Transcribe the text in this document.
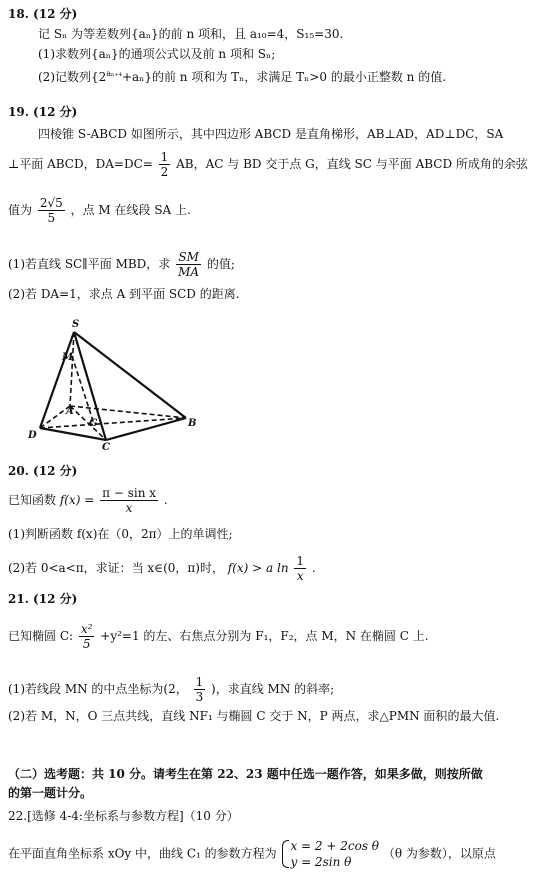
18. (12 分)
记 Sₙ 为等差数列{aₙ}的前 n 项和，且 a₁₀=4，S₁₅=30.
(1)求数列{aₙ}的通项公式以及前 n 项和 Sₙ;
(2)记数列$\{2^{a_{n+4}}+a_n\}$的前 n 项和为 Tₙ，求满足 Tₙ>0 的最小正整数 n 的值.
19. (12 分)
四棱锥 S-ABCD 如图所示，其中四边形 ABCD 是直角梯形，AB⊥AD，AD⊥DC，SA
⊥平面 ABCD，$DA=DC= \frac{1}{2}$ AB，AC 与 BD 交于点 G，直线 SC 与平面 ABCD 所成角的余弦
值为 $\frac{2√5}{5}$ ，点 M 在线段 SA 上.
(1)若直线 SC∥平面 MBD，求 $\frac{SM}{MA}$ 的值;
(2)若 DA=1，求点 A 到平面 SCD 的距离.
S
M
A
G	B
C
D
20. (12 分)
已知函数 $f(x) = \frac{\text{π − sin x}}{x}$ .
(1)判断函数 f(x)在（0，2π）上的单调性;
(2)若 0<a<π，求证：当 x∈(0，π)时， f(x) > a $\ln \frac{1}{x}$ .
21. (12 分)
已知椭圆 C: $\frac{\text{x²}}{5} +y^2=1$ 的左、右焦点分别为 F₁，F₂，点 M，N 在椭圆 C 上.
(1)若线段 MN 的中点坐标为(2， $\frac{1}{3}$ )，求直线 MN 的斜率;
(2)若 M，N，O 三点共线，直线 NF₁ 与椭圆 C 交于 N，P 两点，求△PMN 面积的最大值.
（二）选考题：共 10 分。请考生在第 22、23 题中任选一题作答，如果多做，则按所做
的第一题计分。
22.[选修 4-4:坐标系与参数方程]（10 分）
在平面直角坐标系 xOy 中，曲线 C₁ 的参数方程为
x = 2 + 2cos θ
y = 2sin θ
（θ 为参数），以原点
